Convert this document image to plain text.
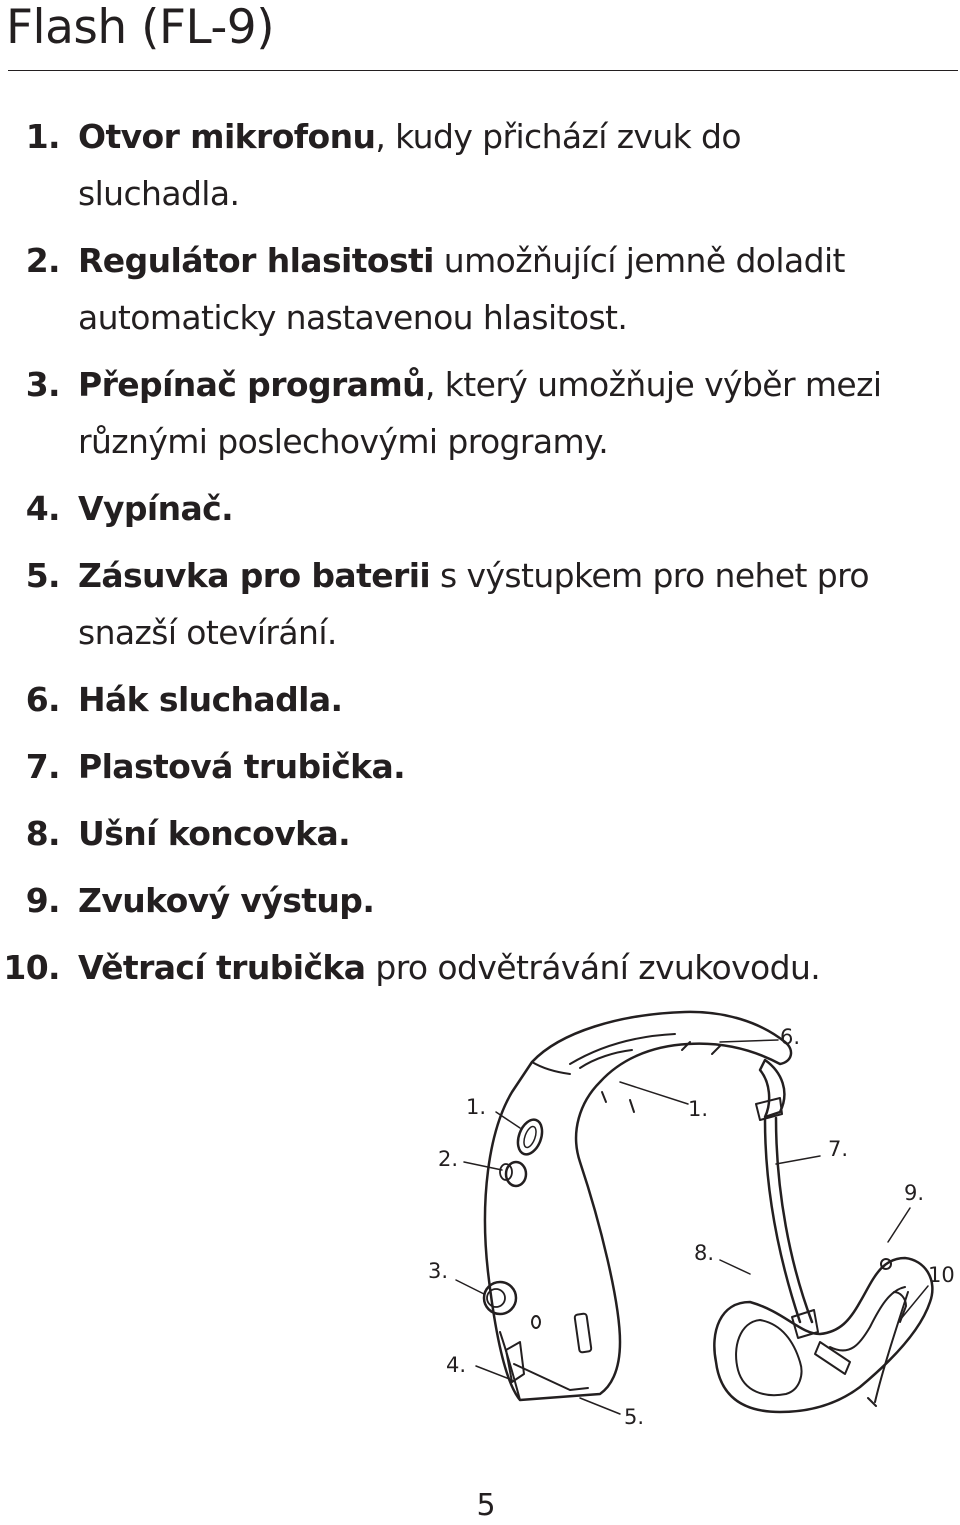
Flash (FL-9)
1. Otvor mikrofonu, kudy přichází zvuk do
sluchadla.
2. Regulátor hlasitosti umožňující jemně doladit
automaticky nastavenou hlasitost.
3. Přepínač programů, který umožňuje výběr mezi
různými poslechovými programy.
4. Vypínač.
5. Zásuvka pro baterii s výstupkem pro nehet pro
snazší otevírání.
6. Hák sluchadla.
7. Plastová trubička.
8. Ušní koncovka.
9. Zvukový výstup.
10. Větrací trubička pro odvětrávání zvukovodu.
1.	1.
2.
3.
4.
5.
6.
7.
8.
9.
10
5
